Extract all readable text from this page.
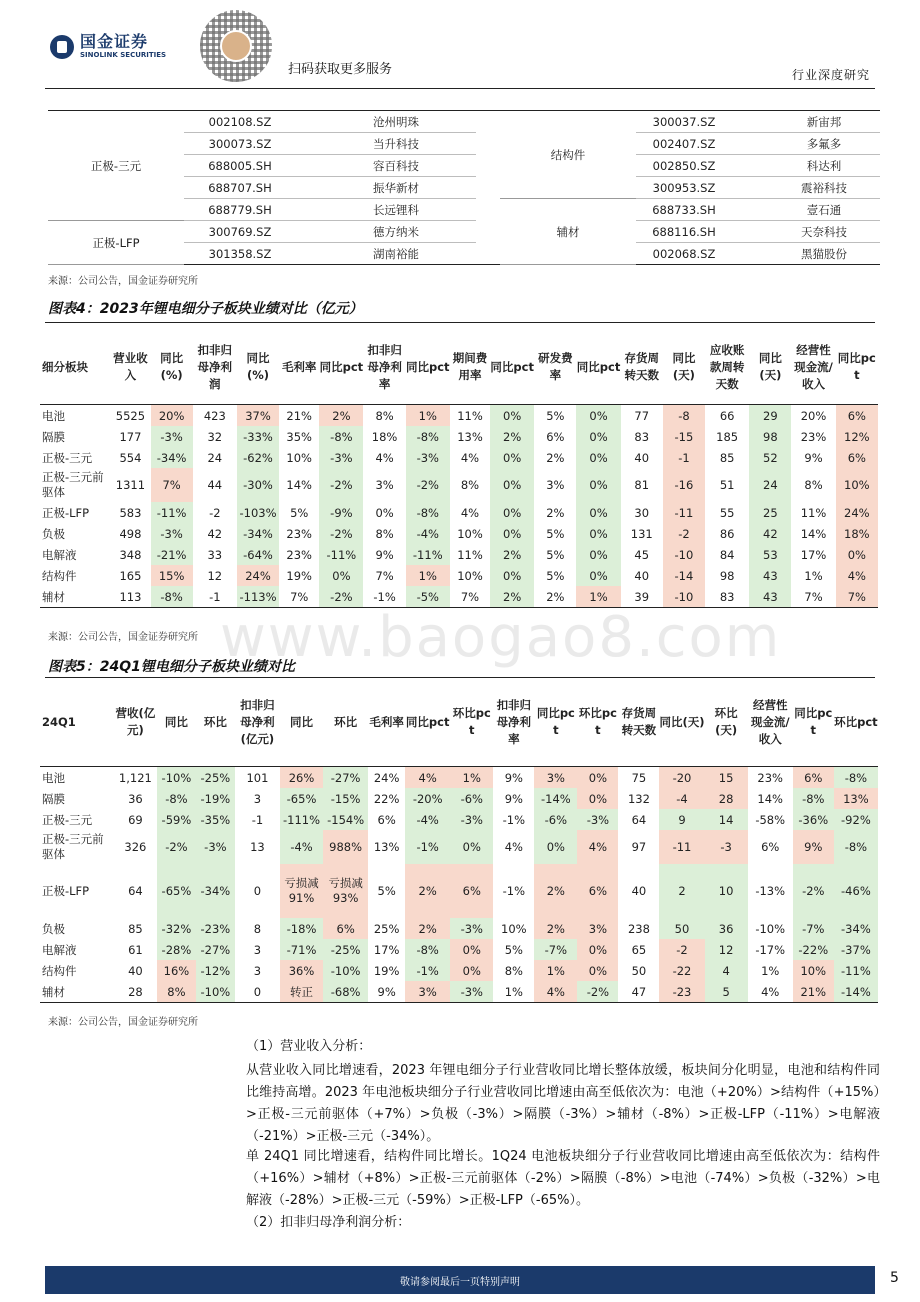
国金证券
SINOLINK SECURITIES
扫码获取更多服务	行业深度研究
正极-三元	002108.SZ		沧州明珠		结构件	300037.SZ		新宙邦
	300073.SZ		当升科技			002407.SZ		多氟多
	688005.SH		容百科技			002850.SZ		科达利
	688707.SH		振华新材			300953.SZ		震裕科技
	688779.SH		长远锂科		辅材	688733.SH		壹石通
正极-LFP	300769.SZ		德方纳米			688116.SH		天奈科技
	301358.SZ		湖南裕能			002068.SZ		黑猫股份
来源：公司公告，国金证券研究所
图表4：2023年锂电细分子板块业绩对比（亿元）
细分板块	营业收入	同比(%)	扣非归母净利润	同比(%)	毛利率	同比pct	扣非归母净利率	同比pct	期间费用率	同比pct	研发费率	同比pct	存货周转天数	同比(天)	应收账款周转天数	同比(天)	经营性现金流/收入	同比pct
电池	5525	20%	423	37%	21%	2%	8%	1%	11%	0%	5%	0%	77	-8	66	29	20%	6%
隔膜	177	-3%	32	-33%	35%	-8%	18%	-8%	13%	2%	6%	0%	83	-15	185	98	23%	12%
正极-三元	554	-34%	24	-62%	10%	-3%	4%	-3%	4%	0%	2%	0%	40	-1	85	52	9%	6%
正极-三元前驱体	1311	7%	44	-30%	14%	-2%	3%	-2%	8%	0%	3%	0%	81	-16	51	24	8%	10%
正极-LFP	583	-11%	-2	-103%	5%	-9%	0%	-8%	4%	0%	2%	0%	30	-11	55	25	11%	24%
负极	498	-3%	42	-34%	23%	-2%	8%	-4%	10%	0%	5%	0%	131	-2	86	42	14%	18%
电解液	348	-21%	33	-64%	23%	-11%	9%	-11%	11%	2%	5%	0%	45	-10	84	53	17%	0%
结构件	165	15%	12	24%	19%	0%	7%	1%	10%	0%	5%	0%	40	-14	98	43	1%	4%
辅材	113	-8%	-1	-113%	7%	-2%	-1%	-5%	7%	2%	2%	1%	39	-10	83	43	7%	7%
来源：公司公告，国金证券研究所 www.baogao8.com
图表5：24Q1锂电细分子板块业绩对比
24Q1	营收(亿元)	同比	环比	扣非归母净利(亿元)	同比	环比	毛利率	同比pct	环比pct	扣非归母净利率	同比pct	环比pct	存货周转天数	同比(天)	环比(天)	经营性现金流/收入	同比pct	环比pct
电池	1,121	-10%	-25%	101	26%	-27%	24%	4%	1%	9%	3%	0%	75	-20	15	23%	6%	-8%
隔膜	36	-8%	-19%	3	-65%	-15%	22%	-20%	-6%	9%	-14%	0%	132	-4	28	14%	-8%	13%
正极-三元	69	-59%	-35%	-1	-111%	-154%	6%	-4%	-3%	-1%	-6%	-3%	64	9	14	-58%	-36%	-92%
正极-三元前驱体	326	-2%	-3%	13	-4%	988%	13%	-1%	0%	4%	0%	4%	97	-11	-3	6%	9%	-8%
正极-LFP	64	-65%	-34%	0	亏损减91%	亏损减93%	5%	2%	6%	-1%	2%	6%	40	2	10	-13%	-2%	-46%
负极	85	-32%	-23%	8	-18%	6%	25%	2%	-3%	10%	2%	3%	238	50	36	-10%	-7%	-34%
电解液	61	-28%	-27%	3	-71%	-25%	17%	-8%	0%	5%	-7%	0%	65	-2	12	-17%	-22%	-37%
结构件	40	16%	-12%	3	36%	-10%	19%	-1%	0%	8%	1%	0%	50	-22	4	1%	10%	-11%
辅材	28	8%	-10%	0	转正	-68%	9%	3%	-3%	1%	4%	-2%	47	-23	5	4%	21%	-14%
来源：公司公告，国金证券研究所
（1）营业收入分析：
从营业收入同比增速看，2023 年锂电细分子行业营收同比增长整体放缓，板块间分化明显，电池和结构件同比维持高增。2023 年电池板块细分子行业营收同比增速由高至低依次为：电池（+20%）>结构件（+15%）>正极-三元前驱体（+7%）>负极（-3%）>隔膜（-3%）>辅材（-8%）>正极-LFP（-11%）>电解液（-21%）>正极-三元（-34%）。
单 24Q1 同比增速看，结构件同比增长。1Q24 电池板块细分子行业营收同比增速由高至低依次为：结构件（+16%）>辅材（+8%）>正极-三元前驱体（-2%）>隔膜（-8%）>电池（-74%）>负极（-32%）>电解液（-28%）>正极-三元（-59%）>正极-LFP（-65%）。
（2）扣非归母净利润分析：
敬请参阅最后一页特别声明	5
